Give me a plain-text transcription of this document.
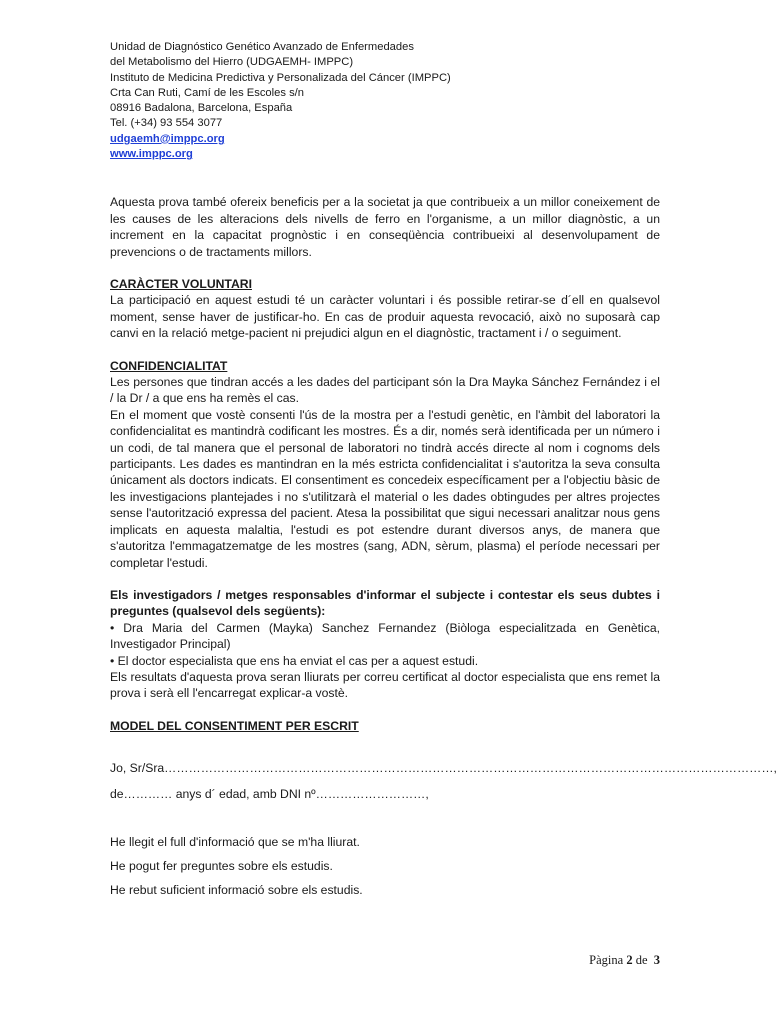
Unidad de Diagnóstico Genético Avanzado de Enfermedades
del Metabolismo del Hierro (UDGAEMH- IMPPC)
Instituto de Medicina Predictiva y Personalizada del Cáncer (IMPPC)
Crta Can Ruti, Camí de les Escoles s/n
08916 Badalona, Barcelona, España
Tel. (+34) 93 554 3077
udgaemh@imppc.org
www.imppc.org

Aquesta prova també ofereix beneficis per a la societat ja que contribueix a un millor coneixement de les causes de les alteracions dels nivells de ferro en l'organisme, a un millor diagnòstic, a un increment en la capacitat prognòstic i en conseqüència contribueixi al desenvolupament de prevencions o de tractaments millors.

CARÀCTER VOLUNTARI

La participació en aquest estudi té un caràcter voluntari i és possible retirar-se d´ell en qualsevol moment, sense haver de justificar-ho. En cas de produir aquesta revocació, això no suposarà cap canvi en la relació metge-pacient ni prejudici algun en el diagnòstic, tractament i / o seguiment.

CONFIDENCIALITAT

Les persones que tindran accés a les dades del participant són la Dra Mayka Sánchez Fernández i el / la Dr / a que ens ha remès el cas.

En el moment que vostè consenti l'ús de la mostra per a l'estudi genètic, en l'àmbit del laboratori la confidencialitat es mantindrà codificant les mostres. És a dir, només serà identificada per un número i un codi, de tal manera que el personal de laboratori no tindrà accés directe al nom i cognoms dels participants. Les dades es mantindran en la més estricta confidencialitat i s'autoritza la seva consulta únicament als doctors indicats. El consentiment es concedeix específicament per a l'objectiu bàsic de les investigacions plantejades i no s'utilitzarà el material o les dades obtingudes per altres projectes sense l'autorització expressa del pacient. Atesa la possibilitat que sigui necessari analitzar nous gens implicats en aquesta malaltia, l'estudi es pot estendre durant diversos anys, de manera que s'autoritza l'emmagatzematge de les mostres (sang, ADN, sèrum, plasma) el període necessari per completar l'estudi.

Els investigadors / metges responsables d'informar el subjecte i contestar els seus dubtes i preguntes (qualsevol dels següents):

• Dra Maria del Carmen (Mayka) Sanchez Fernandez (Biòloga especialitzada en Genètica, Investigador Principal)

• El doctor especialista que ens ha enviat el cas per a aquest estudi.

Els resultats d'aquesta prova seran lliurats per correu certificat al doctor especialista que ens remet la prova i serà ell l'encarregat explicar-a vostè.

MODEL DEL CONSENTIMENT PER ESCRIT

Jo, Sr/Sra……………………………………………………………………………………………………………………………………,

de………… anys d´ edad, amb DNI nº………………………,

He llegit el full d'informació que se m'ha lliurat.

He pogut fer preguntes sobre els estudis.

He rebut suficient informació sobre els estudis.

Pàgina 2 de 3
